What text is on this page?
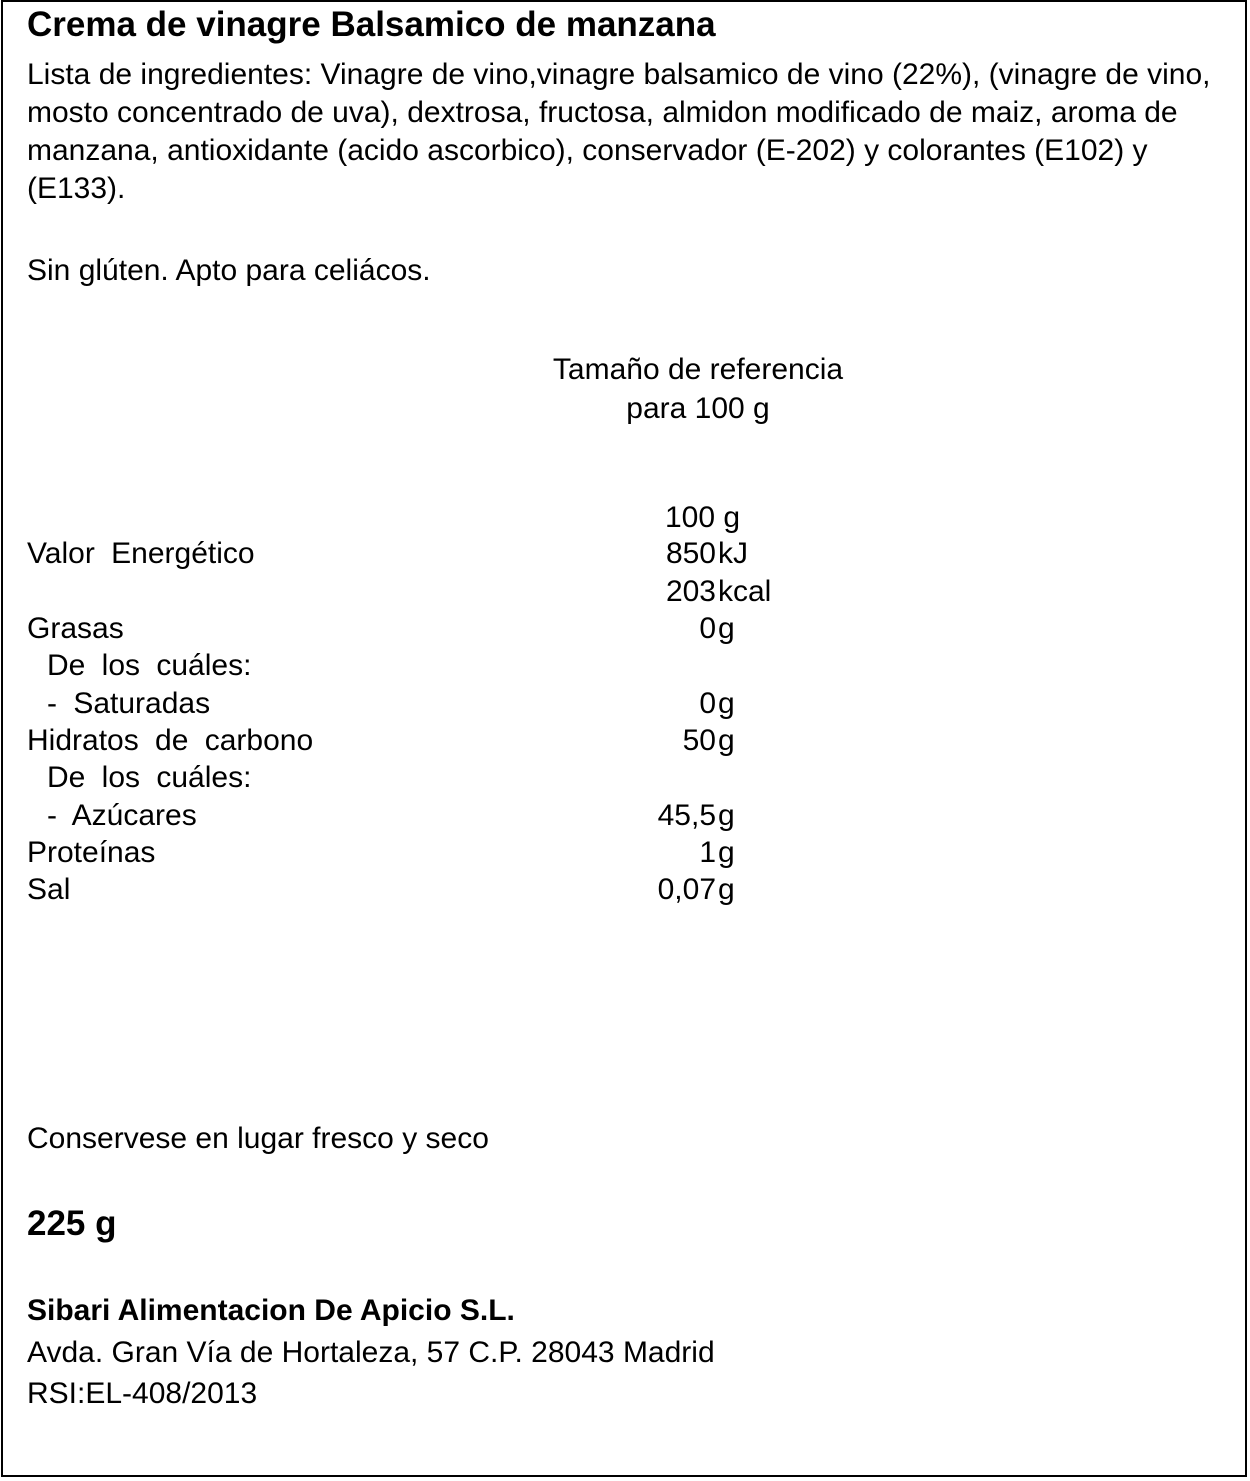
Crema de vinagre Balsamico de manzana
Lista de ingredientes: Vinagre de vino,vinagre balsamico de vino (22%), (vinagre de vino, mosto concentrado de uva), dextrosa, fructosa, almidon modificado de maiz, aroma de manzana, antioxidante (acido ascorbico), conservador (E-202) y colorantes (E102) y (E133).
Sin glúten. Apto para celiácos.
Tamaño de referencia para 100 g
100 g
Valor Energético	850 kJ
203 kcal
Grasas	0 g
De los cuáles:
- Saturadas	0 g
Hidratos de carbono	50 g
De los cuáles:
- Azúcares	45,5 g
Proteínas	1 g
Sal	0,07 g
Conservese en lugar fresco y seco
225 g
Sibari Alimentacion De Apicio S.L.
Avda. Gran Vía de Hortaleza, 57 C.P. 28043 Madrid
RSI:EL-408/2013
